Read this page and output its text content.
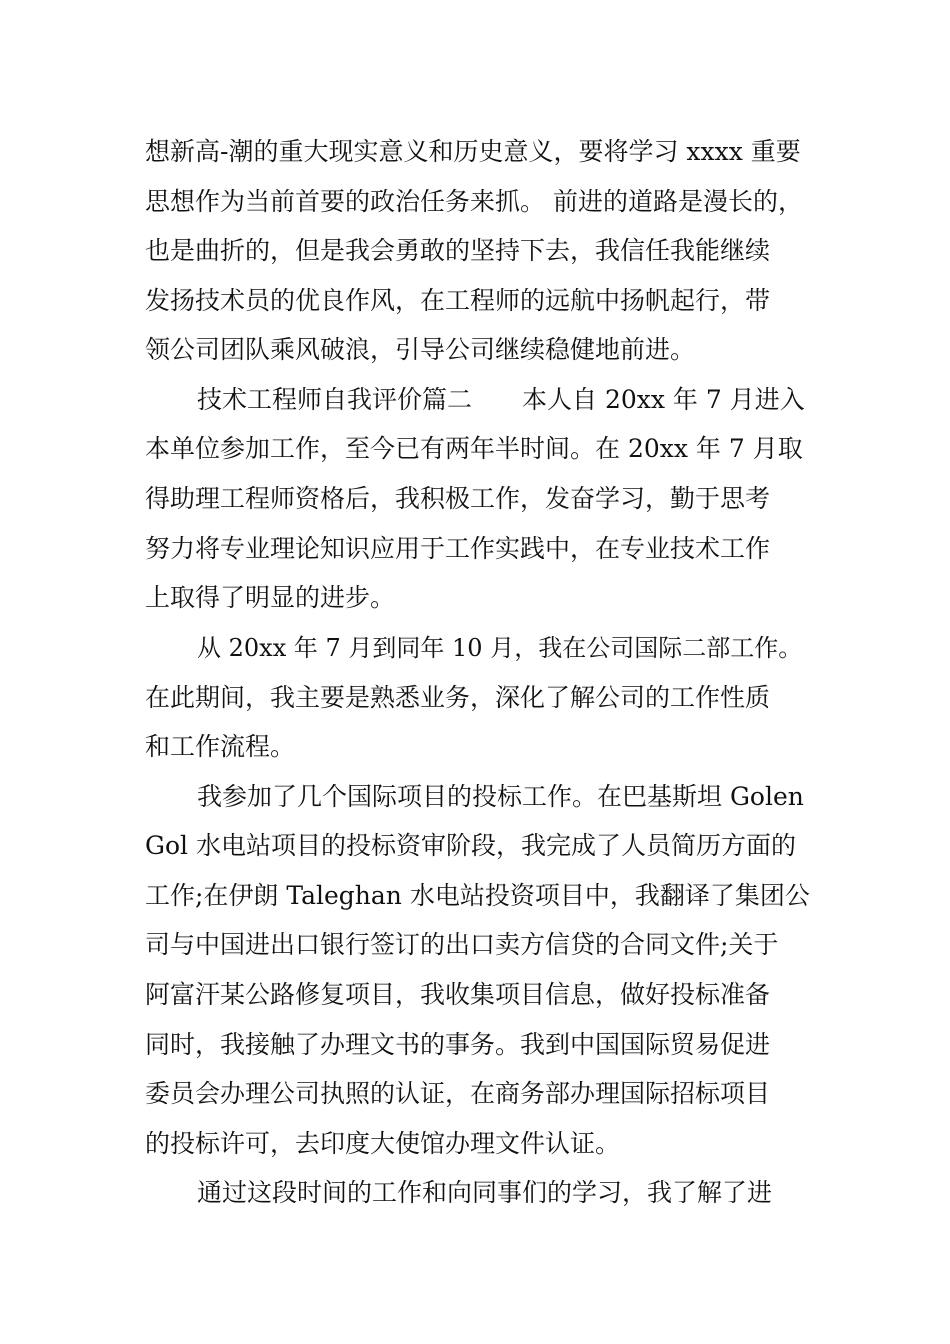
想新高-潮的重大现实意义和历史意义，要将学习 xxxx 重要

思想作为当前首要的政治任务来抓。 前进的道路是漫长的，

也是曲折的，但是我会勇敢的坚持下去，我信任我能继续

发扬技术员的优良作风，在工程师的远航中扬帆起行，带

领公司团队乘风破浪，引导公司继续稳健地前进。

技术工程师自我评价篇二　　本人自 20xx 年 7 月进入

本单位参加工作，至今已有两年半时间。在 20xx 年 7 月取

得助理工程师资格后，我积极工作，发奋学习，勤于思考

努力将专业理论知识应用于工作实践中，在专业技术工作

上取得了明显的进步。

从 20xx 年 7 月到同年 10 月，我在公司国际二部工作。

在此期间，我主要是熟悉业务，深化了解公司的工作性质

和工作流程。

我参加了几个国际项目的投标工作。在巴基斯坦 Golen

Gol 水电站项目的投标资审阶段，我完成了人员简历方面的

工作;在伊朗 Taleghan 水电站投资项目中，我翻译了集团公

司与中国进出口银行签订的出口卖方信贷的合同文件;关于

阿富汗某公路修复项目，我收集项目信息，做好投标准备

同时，我接触了办理文书的事务。我到中国国际贸易促进

委员会办理公司执照的认证，在商务部办理国际招标项目

的投标许可，去印度大使馆办理文件认证。

通过这段时间的工作和向同事们的学习，我了解了进
